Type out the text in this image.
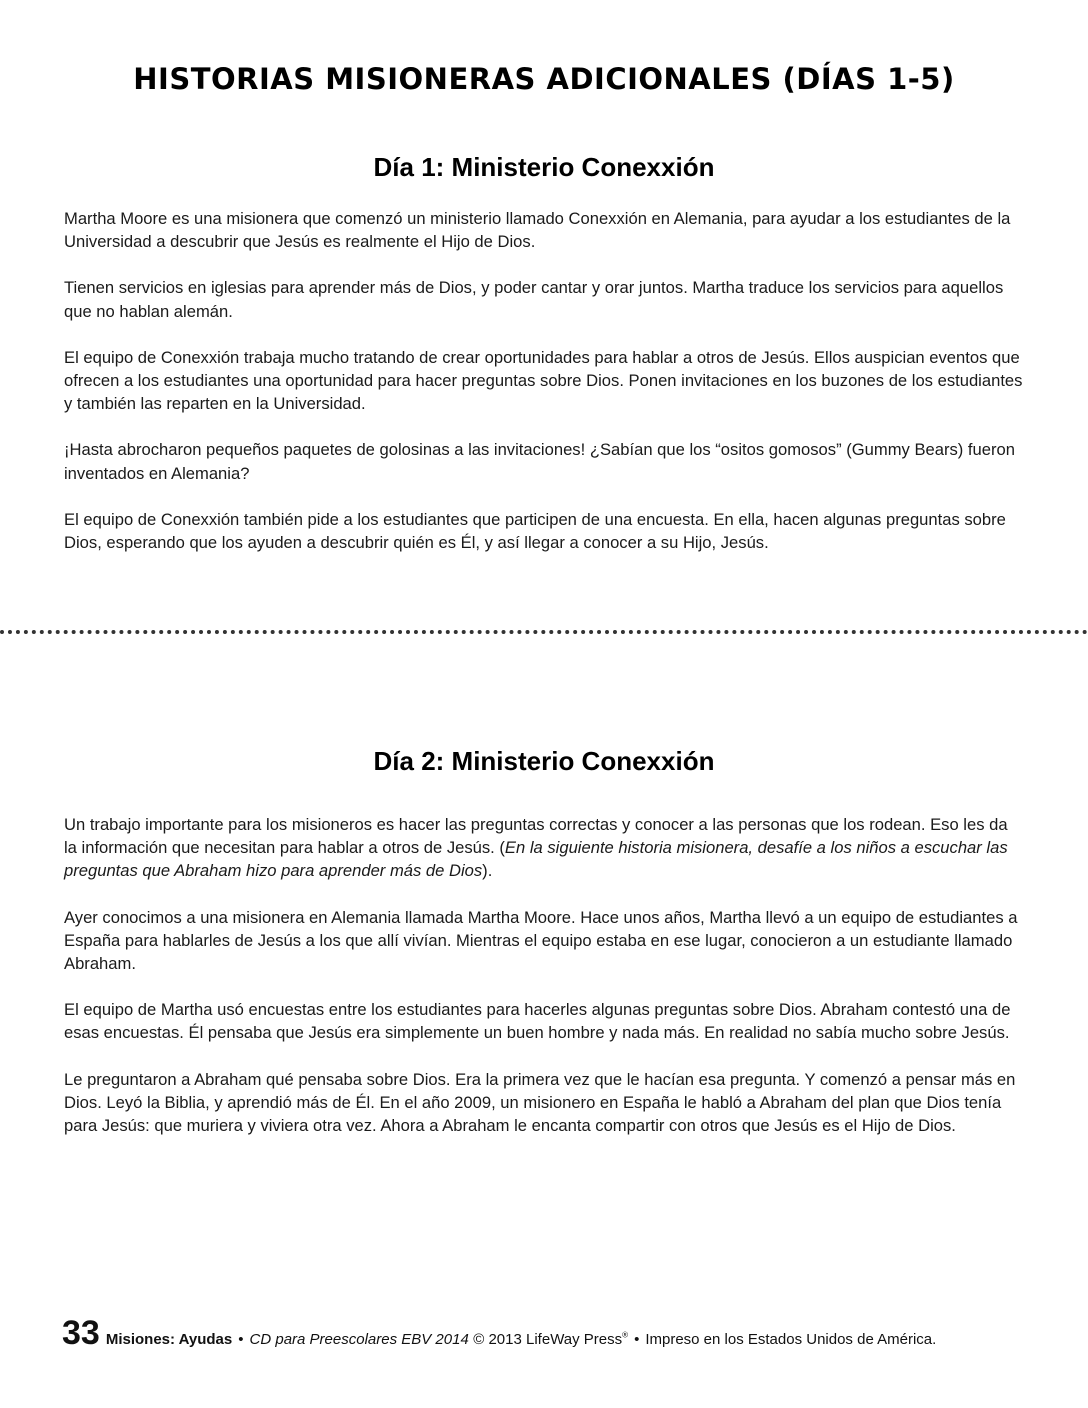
HISTORIAS MISIONERAS ADICIONALES (DÍAS 1-5)
Día 1: Ministerio Conexxión

Martha Moore es una misionera que comenzó un ministerio llamado Conexxión en Alemania, para ayudar a los estudiantes de la Universidad a descubrir que Jesús es realmente el Hijo de Dios.

Tienen servicios en iglesias para aprender más de Dios, y poder cantar y orar juntos. Martha traduce los servicios para aquellos que no hablan alemán.

El equipo de Conexxión trabaja mucho tratando de crear oportunidades para hablar a otros de Jesús. Ellos auspician eventos que ofrecen a los estudiantes una oportunidad para hacer preguntas sobre Dios. Ponen invitaciones en los buzones de los estudiantes y también las reparten en la Universidad.

¡Hasta abrocharon pequeños paquetes de golosinas a las invitaciones! ¿Sabían que los “ositos gomosos” (Gummy Bears) fueron inventados en Alemania?

El equipo de Conexxión también pide a los estudiantes que participen de una encuesta. En ella, hacen algunas preguntas sobre Dios, esperando que los ayuden a descubrir quién es Él, y así llegar a conocer a su Hijo, Jesús.

Día 2: Ministerio Conexxión

Un trabajo importante para los misioneros es hacer las preguntas correctas y conocer a las personas que los rodean. Eso les da la información que necesitan para hablar a otros de Jesús. (En la siguiente historia misionera, desafíe a los niños a escuchar las preguntas que Abraham hizo para aprender más de Dios).

Ayer conocimos a una misionera en Alemania llamada Martha Moore. Hace unos años, Martha llevó a un equipo de estudiantes a España para hablarles de Jesús a los que allí vivían. Mientras el equipo estaba en ese lugar, conocieron a un estudiante llamado Abraham.

El equipo de Martha usó encuestas entre los estudiantes para hacerles algunas preguntas sobre Dios. Abraham contestó una de esas encuestas. Él pensaba que Jesús era simplemente un buen hombre y nada más. En realidad no sabía mucho sobre Jesús.

Le preguntaron a Abraham qué pensaba sobre Dios. Era la primera vez que le hacían esa pregunta. Y comenzó a pensar más en Dios. Leyó la Biblia, y aprendió más de Él. En el año 2009, un misionero en España le habló a Abraham del plan que Dios tenía para Jesús: que muriera y viviera otra vez. Ahora a Abraham le encanta compartir con otros que Jesús es el Hijo de Dios.

33 Misiones: Ayudas • CD para Preescolares EBV 2014 © 2013 LifeWay Press® • Impreso en los Estados Unidos de América.
